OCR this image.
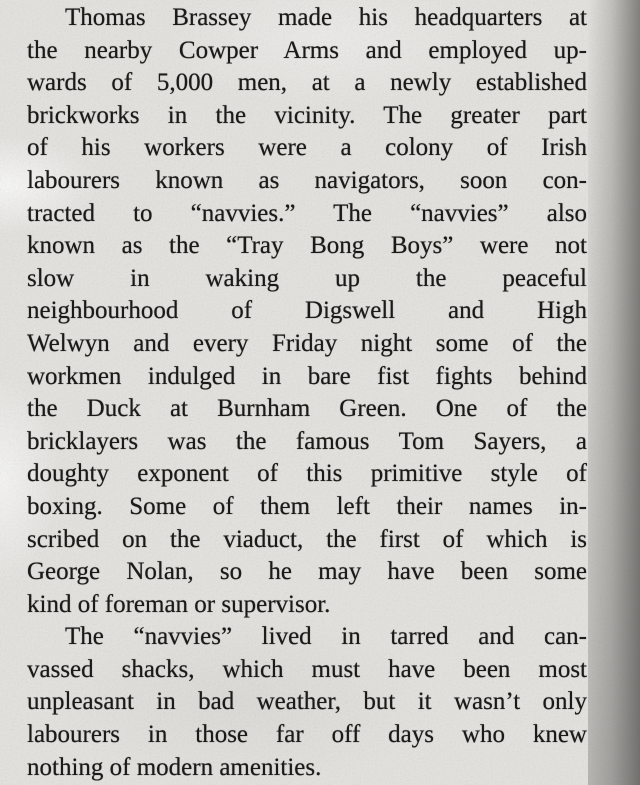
Thomas Brassey made his headquarters at
the nearby Cowper Arms and employed up-
wards of 5,000 men, at a newly established
brickworks in the vicinity. The greater part
of his workers were a colony of Irish
labourers known as navigators, soon con-
tracted to “navvies.” The “navvies” also
known as the “Tray Bong Boys” were not
slow in waking up the peaceful
neighbourhood of Digswell and High
Welwyn and every Friday night some of the
workmen indulged in bare fist fights behind
the Duck at Burnham Green. One of the
bricklayers was the famous Tom Sayers, a
doughty exponent of this primitive style of
boxing. Some of them left their names in-
scribed on the viaduct, the first of which is
George Nolan, so he may have been some
kind of foreman or supervisor.
The “navvies” lived in tarred and can-
vassed shacks, which must have been most
unpleasant in bad weather, but it wasn’t only
labourers in those far off days who knew
nothing of modern amenities.
